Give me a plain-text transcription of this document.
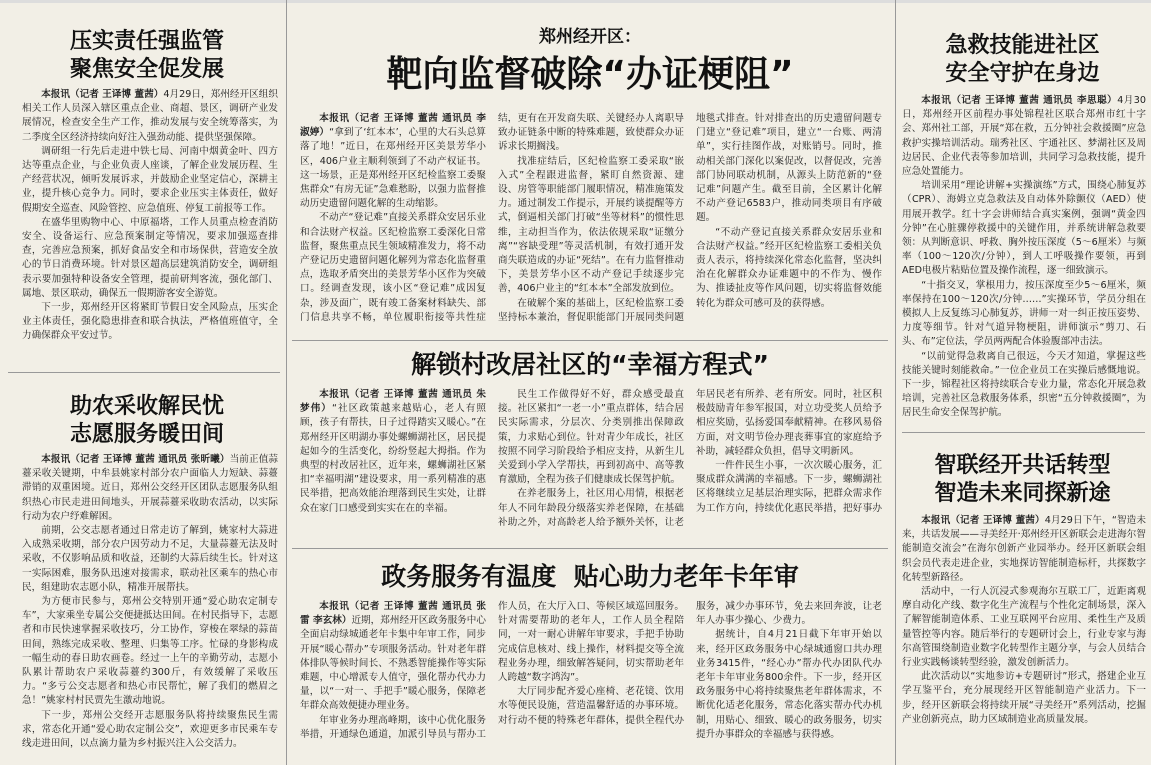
压实责任强监管
聚焦安全促发展

本报讯（记者 王译博 董茜）4月29日，郑州经开区组织相关工作人员深入辖区重点企业、商超、景区，调研产业发展情况，检查安全生产工作，推动发展与安全统筹落实，为二季度全区经济持续向好注入强劲动能、提供坚强保障。

调研组一行先后走进中铁七局、河南中烟黄金叶、四方达等重点企业，与企业负责人座谈，了解企业发展历程、生产经营状况，倾听发展诉求，并鼓励企业坚定信心，深耕主业，提升核心竞争力。同时，要求企业压实主体责任，做好假期安全巡查、风险管控、应急值班、停复工前报等工作。

在盛华里购物中心、中原福塔，工作人员重点检查消防安全、设备运行、应急预案制定等情况，要求加强巡查排查，完善应急预案，抓好食品安全和市场保供，营造安全放心的节日消费环境。针对景区超高层建筑消防安全，调研组表示要加强特种设备安全管理，提前研判客流，强化部门、属地、景区联动，确保五一假期游客安全游览。

下一步，郑州经开区将紧盯节假日安全风险点，压实企业主体责任，强化隐患排查和联合执法，严格值班值守，全力确保群众平安过节。

助农采收解民忧
志愿服务暖田间

本报讯（记者 王译博 董茜 通讯员 张昕曦）当前正值蒜薹采收关键期，中牟县姚家村部分农户面临人力短缺、蒜薹滞销的双重困境。近日，郑州公交经开区团队志愿服务队组织热心市民走进田间地头，开展蒜薹采收助农活动，以实际行动为农户纾难解困。

前期，公交志愿者通过日常走访了解到，姚家村大蒜进入成熟采收期，部分农户因劳动力不足，大量蒜薹无法及时采收，不仅影响品质和收益，还制约大蒜后续生长。针对这一实际困难，服务队迅速对接需求，联动社区乘车的热心市民，组建助农志愿小队，精准开展帮扶。

为方便市民参与，郑州公交特别开通“爱心助农定制专车”，大家乘坐专属公交便捷抵达田间。在村民指导下，志愿者和市民快速掌握采收技巧，分工协作，穿梭在翠绿的蒜苗田间，熟练完成采收、整理、归集等工序。忙碌的身影构成一幅生动的春日助农画卷。经过一上午的辛勤劳动，志愿小队累计帮助农户采收蒜薹约300斤，有效缓解了采收压力。“多亏公交志愿者和热心市民帮忙，解了我们的燃眉之急！”姚家村村民贾先生激动地说。

下一步，郑州公交经开志愿服务队将持续聚焦民生需求，常态化开通“爱心助农定制公交”，欢迎更多市民乘车专线走进田间，以点滴力量为乡村振兴注入公交活力。

郑州经开区：
靶向监督破除“办证梗阻”

本报讯（记者 王译博 董茜 通讯员 李淑婷）“拿到了‘红本本’，心里的大石头总算落了地！”近日，在郑州经开区美景芳华小区，406户业主顺利领到了不动产权证书。这一场景，正是郑州经开区纪检监察工委聚焦群众“有房无证”急难愁盼，以强力监督推动历史遗留问题化解的生动缩影。

不动产“登记难”直接关系群众安居乐业和合法财产权益。区纪检监察工委深化日常监督，聚焦重点民生领域精准发力，将不动产登记历史遗留问题化解列为常态化监督重点，选取矛盾突出的美景芳华小区作为突破口。经调查发现，该小区“登记难”成因复杂，涉及面广，既有竣工备案材料缺失、部门信息共享不畅，单位履职衔接等共性症结，更有在开发商失联、关键经办人离职导致办证链条中断的特殊难题，致使群众办证诉求长期搁浅。

找准症结后，区纪检监察工委采取“嵌入式”全程跟进监督，紧盯自然资源、建设、房管等职能部门履职情况，精准施策发力。通过制发工作提示，开展约谈提醒等方式，倒逼相关部门打破“坐等材料”的惯性思维，主动担当作为，依法依规采取“证缴分离”“容缺受理”等灵活机制，有效打通开发商失联造成的办证“死结”。在有力监督推动下，美景芳华小区不动产登记手续逐步完善，406户业主的“红本本”全部发放到位。

在破解个案的基础上，区纪检监察工委坚持标本兼治，督促职能部门开展同类问题地毯式排查。针对排查出的历史遗留问题专门建立“登记难”项目，建立“一台账、两清单”，实行挂图作战，对账销号。同时，推动相关部门深化以案促改，以督促改，完善部门协同联动机制，从源头上防范新的“登记难”问题产生。截至目前，全区累计化解不动产登记6583户，推动同类项目有序破题。

“不动产登记直接关系群众安居乐业和合法财产权益。”经开区纪检监察工委相关负责人表示，将持续深化常态化监督，坚决纠治在化解群众办证难题中的不作为、慢作为、推诿扯皮等作风问题，切实将监督效能转化为群众可感可及的获得感。

解锁村改居社区的“幸福方程式”

本报讯（记者 王译博 董茜 通讯员 朱梦伟）“社区政策越来越贴心，老人有照顾，孩子有帮扶，日子过得踏实又暖心。”在郑州经开区明湖办事处螺蛳湖社区，居民提起如今的生活变化，纷纷竖起大拇指。作为典型的村改居社区，近年来，螺蛳湖社区紧扣“幸福明湖”建设要求，用一系列精准的惠民举措，把高效能治理落到民生实处，让群众在家门口感受到实实在在的幸福。

民生工作做得好不好，群众感受最直接。社区紧扣“一老一小”重点群体，结合居民实际需求，分层次、分类别推出保障政策，力求贴心到位。针对青少年成长，社区按照不同学习阶段给予相应支持，从新生儿关爱到小学入学帮扶，再到初高中、高等教育激励，全程为孩子们健康成长保驾护航。

在养老服务上，社区用心用情，根据老年人不同年龄段分级落实养老保障，在基础补助之外，对高龄老人给予额外关怀，让老年居民老有所养、老有所安。同时，社区积极鼓励青年参军报国，对立功受奖人员给予相应奖励，弘扬爱国奉献精神。在移风易俗方面，对文明节俭办理丧葬事宜的家庭给予补助，减轻群众负担，倡导文明新风。

一件件民生小事，一次次暖心服务，汇聚成群众满满的幸福感。下一步，螺蛳湖社区将继续立足基层治理实际，把群众需求作为工作方向，持续优化惠民举措，把好事办

政务服务有温度  贴心助力老年卡年审

本报讯（记者 王译博 董茜 通讯员 张雷 李玄林）近期，郑州经开区政务服务中心全面启动绿城通老年卡集中年审工作，同步开展“暖心帮办”专项服务活动。针对老年群体排队等候时间长、不熟悉智能操作等实际难题，中心增派专人值守，强化帮办代办力量，以“一对一、手把手”暖心服务，保障老年群众高效便捷办理业务。

年审业务办理高峰期，该中心优化服务举措，开通绿色通道，加派引导员与帮办工作人员，在大厅入口、等候区域巡回服务。针对需要帮助的老年人，工作人员全程陪同，一对一耐心讲解年审要求，手把手协助完成信息核对、线上操作，材料提交等全流程业务办理，细致解答疑问，切实帮助老年人跨越“数字鸿沟”。

大厅同步配齐爱心座椅、老花镜、饮用水等便民设施，营造温馨舒适的办事环境。对行动不便的特殊老年群体，提供全程代办服务，减少办事环节，免去来回奔波，让老年人办事少操心、少费力。

据统计，自4月21日截下年审开始以来，经开区政务服务中心绿城通窗口共办理业务3415件，“经心办”帮办代办团队代办老年卡年审业务800余件。下一步，经开区政务服务中心将持续聚焦老年群体需求，不断优化适老化服务，常态化落实帮办代办机制，用贴心、细致、暖心的政务服务，切实提升办事群众的幸福感与获得感。

急救技能进社区
安全守护在身边

本报讯（记者 王译博 董茜 通讯员 李思聪）4月30日，郑州经开区前程办事处锦程社区联合郑州市红十字会、郑州社工部，开展“郑在救，五分钟社会救援圈”应急救护实操培训活动。瑞秀社区、宇通社区、梦湖社区及周边居民、企业代表等参加培训，共同学习急救技能，提升应急处置能力。

培训采用“理论讲解+实操演练”方式，围绕心肺复苏（CPR）、海姆立克急救法及自动体外除颤仪（AED）使用展开教学。红十字会讲师结合真实案例，强调“黄金四分钟”在心脏骤停救援中的关键作用，并系统讲解急救要领：从判断意识、呼救、胸外按压深度（5～6厘米）与频率（100～120次/分钟），到人工呼吸操作要领，再到AED电极片粘贴位置及操作流程，逐一细致演示。

“十指交叉，掌根用力，按压深度至少5～6厘米，频率保持在100～120次/分钟……”实操环节，学员分组在模拟人上反复练习心肺复苏，讲师一对一纠正按压姿势、力度等细节。针对气道异物梗阻，讲师演示“剪刀、石头、布”定位法，学员两两配合体验腹部冲击法。

“以前觉得急救离自己很远，今天才知道，掌握这些技能关键时刻能救命。”一位企业员工在实操后感慨地说。下一步，锦程社区将持续联合专业力量，常态化开展急救培训，完善社区急救服务体系，织密“五分钟救援圈”，为居民生命安全保驾护航。

智联经开共话转型
智造未来同探新途

本报讯（记者 王译博 董茜）4月29日下午，“智造未来，共话发展——寻美经开·郑州经开区新联会走进海尔智能制造交流会”在海尔创新产业园举办。经开区新联会组织会员代表走进企业，实地探访智能制造标杆，共探数字化转型新路径。

活动中，一行人沉浸式参观海尔互联工厂，近距离观摩自动化产线、数字化生产流程与个性化定制场景，深入了解智能制造体系、工业互联网平台应用、柔性生产及质量管控等内容。随后举行的专题研讨会上，行业专家与海尔高管围绕制造业数字化转型作主题分享，与会人员结合行业实践畅谈转型经验，激发创新活力。

此次活动以“实地参访+专题研讨”形式，搭建企业互学互鉴平台，充分展现经开区智能制造产业活力。下一步，经开区新联会将持续开展“寻美经开”系列活动，挖掘产业创新亮点，助力区域制造业高质量发展。
